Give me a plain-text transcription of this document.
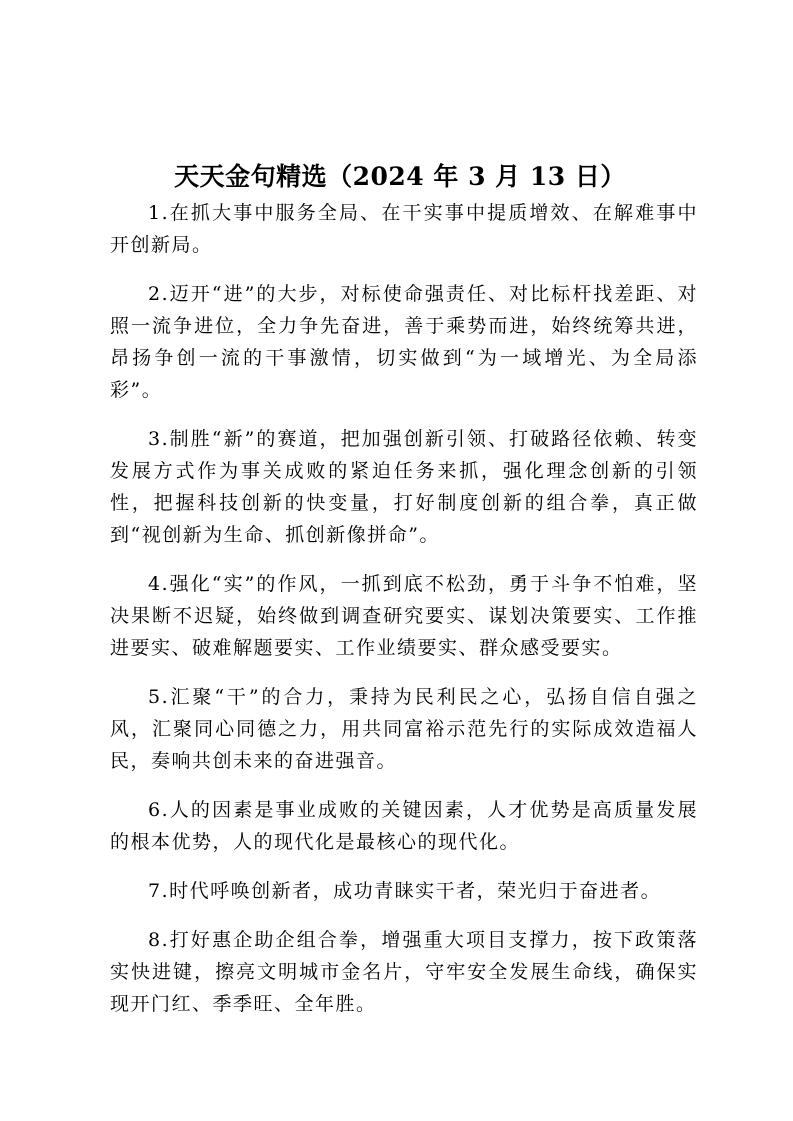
天天金句精选（2024 年 3 月 13 日）

1.在抓大事中服务全局、在干实事中提质增效、在解难事中开创新局。

2.迈开“进”的大步，对标使命强责任、对比标杆找差距、对照一流争进位，全力争先奋进，善于乘势而进，始终统筹共进，昂扬争创一流的干事激情，切实做到“为一域增光、为全局添彩”。

3.制胜“新”的赛道，把加强创新引领、打破路径依赖、转变发展方式作为事关成败的紧迫任务来抓，强化理念创新的引领性，把握科技创新的快变量，打好制度创新的组合拳，真正做到“视创新为生命、抓创新像拼命”。

4.强化“实”的作风，一抓到底不松劲，勇于斗争不怕难，坚决果断不迟疑，始终做到调查研究要实、谋划决策要实、工作推进要实、破难解题要实、工作业绩要实、群众感受要实。

5.汇聚“干”的合力，秉持为民利民之心，弘扬自信自强之风，汇聚同心同德之力，用共同富裕示范先行的实际成效造福人民，奏响共创未来的奋进强音。

6.人的因素是事业成败的关键因素，人才优势是高质量发展的根本优势，人的现代化是最核心的现代化。

7.时代呼唤创新者，成功青睐实干者，荣光归于奋进者。

8.打好惠企助企组合拳，增强重大项目支撑力，按下政策落实快进键，擦亮文明城市金名片，守牢安全发展生命线，确保实现开门红、季季旺、全年胜。
